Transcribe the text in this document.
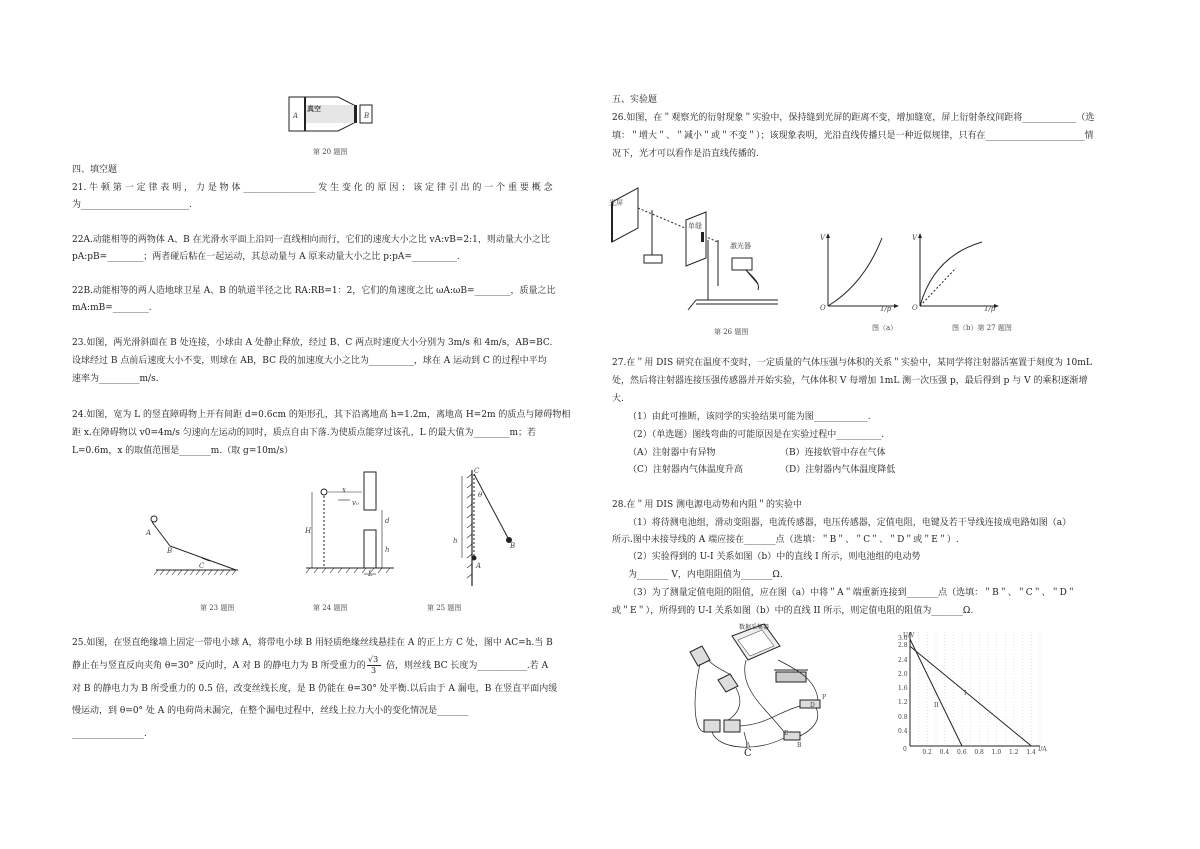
真空
A	B
第 20 题图
四、填空题
21. 牛 顿 第 一 定 律 表 明 ， 力 是 物 体 ________________ 发 生 变 化 的 原 因 ； 该 定 律 引 出 的 一 个 重 要 概 念
为________________________.
22A.动能相等的两物体 A、B 在光滑水平面上沿同一直线相向而行，它们的速度大小之比 vA:vB=2:1，则动量大小之比
pA:pB=________；两者碰后粘在一起运动，其总动量与 A 原来动量大小之比 p:pA=__________.
22B.动能相等的两人造地球卫星 A、B 的轨道半径之比 RA:RB=1：2，它们的角速度之比 ωA:ωB=________，质量之比
mA:mB=________.
23.如图，两光滑斜面在 B 处连接，小球由 A 处静止释放，经过 B、C 两点时速度大小分别为 3m/s 和 4m/s，AB=BC.
设球经过 B 点前后速度大小不变，则球在 AB，BC 段的加速度大小之比为__________，球在 A 运动到 C 的过程中平均
速率为_________m/s.
24.如图，宽为 L 的竖直障碍物上开有间距 d=0.6cm 的矩形孔，其下沿离地高 h=1.2m，离地高 H=2m 的质点与障碍物相
距 x.在障碍物以 v0=4m/s 匀速向左运动的同时，质点自由下落.为使质点能穿过该孔，L 的最大值为________m；若
L=0.6m，x 的取值范围是_______m.（取 g=10m/s）
A
B
C
第 23 题图
H
x
v₀
d
h
L
第 24 题图
C
θ
h
B
A
第 25 题图
25.如图，在竖直绝缘墙上固定一带电小球 A，将带电小球 B 用轻质绝缘丝线悬挂在 A 的正上方 C 处，图中 AC=h.当 B
静止在与竖直反向夹角 θ=30° 反向时，A 对 B 的静电力为 B 所受重力的
√3
3 倍，则丝线 BC 长度为___________.若 A
对 B 的静电力为 B 所受重力的 0.5 倍，改变丝线长度，是 B 仍能在 θ=30° 处平衡.以后由于 A 漏电，B 在竖直平面内缓
慢运动，到 θ=0° 处 A 的电荷尚未漏完，在整个漏电过程中，丝线上拉力大小的变化情况是_______
________________.
五、实验题
26.如图，在＂观察光的衍射现象＂实验中，保持缝到光屏的距离不变，增加缝宽，屏上衍射条纹间距将____________（选
填：＂增大＂、＂减小＂或＂不变＂）；该现象表明，光沿直线传播只是一种近似规律，只有在______________________情
况下，光才可以看作是沿直线传播的.
光屏
单缝
激光器
第 26 题图
V
O	1/p
图（a）
V
O	1/p
图（b）第 27 题图
27.在＂用 DIS 研究在温度不变时，一定质量的气体压强与体积的关系＂实验中，某同学将注射器活塞置于刻度为 10mL
处，然后将注射器连接压强传感器并开始实验，气体体积 V 每增加 1mL 测一次压强 p，最后得到 p 与 V 的乘积逐渐增
大.
（1）由此可推断，该同学的实验结果可能为图____________.
（2）（单选题）图线弯曲的可能原因是在实验过程中__________.
（A）注射器中有异物	（B）连接软管中存在气体
（C）注射器内气体温度升高	（D）注射器内气体温度降低
28.在＂用 DIS 测电源电动势和内阻＂的实验中
（1）将待测电池组，滑动变阻器，电流传感器，电压传感器，定值电阻，电键及若干导线连接成电路如图（a）
所示.图中未接导线的 A 端应接在_______点（选填：＂B＂、＂C＂、＂D＂或＂E＂）.
（2）实验得到的 U-I 关系如图（b）中的直线 I 所示，则电池组的电动势
为_______ V，内电阻阻值为_______Ω.
（3）为了测量定值电阻的阻值，应在图（a）中将＂A＂端重新连接到_______点（选填：＂B＂、＂C＂、＂D＂
或＂E＂），所得到的 U-I 关系如图（b）中的直线 II 所示，则定值电阻的阻值为_______Ω.
数据采集器
A
C
E
D
B
P
U/V
I/A
0
I
II
3.0
2.8
2.4
2.0
1.6
1.2
0.8
0.4
0.2 0.4 0.6 0.8 1.0 1.2 1.4
